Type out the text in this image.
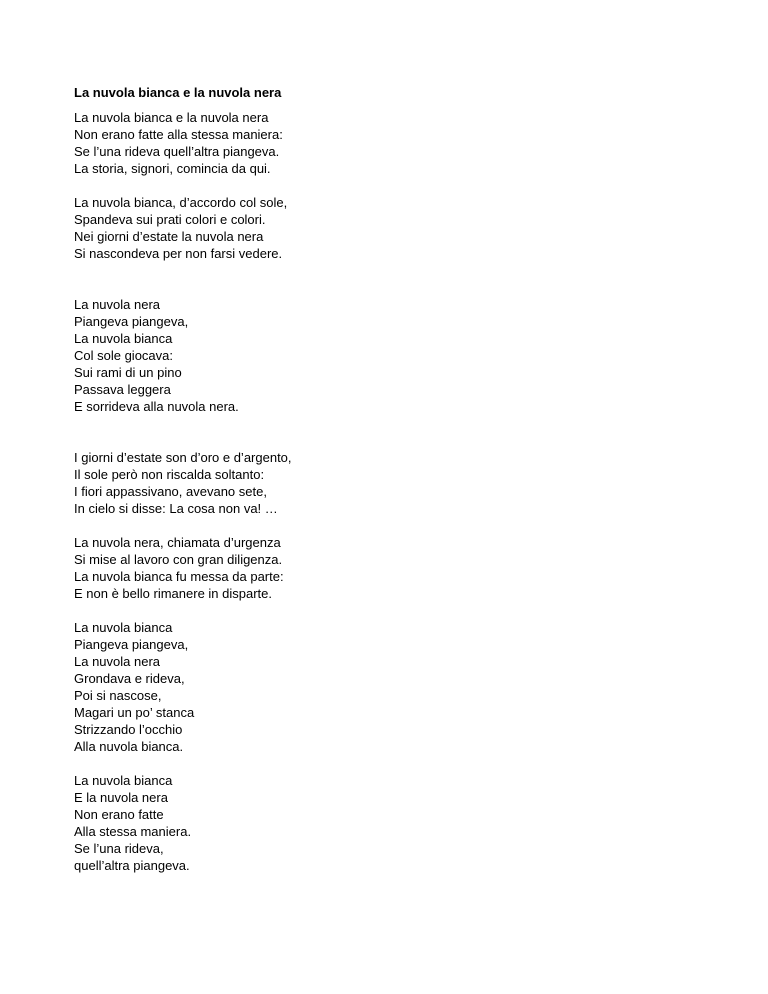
La nuvola bianca e la nuvola nera
La nuvola bianca e la nuvola nera
Non erano fatte alla stessa maniera:
Se l’una rideva quell’altra piangeva.
La storia, signori, comincia da qui.
La nuvola bianca, d’accordo col sole,
Spandeva sui prati colori e colori.
Nei giorni d’estate la nuvola nera
Si nascondeva per non farsi vedere.
La nuvola nera
Piangeva piangeva,
La nuvola bianca
Col sole giocava:
Sui rami di un pino
Passava leggera
E sorrideva alla nuvola nera.
I giorni d’estate son d’oro e d’argento,
Il sole però non riscalda soltanto:
I fiori appassivano, avevano sete,
In cielo si disse: La cosa non va! …
La nuvola nera, chiamata d’urgenza
Si mise al lavoro con gran diligenza.
La nuvola bianca fu messa da parte:
E non è bello rimanere in disparte.
La nuvola bianca
Piangeva piangeva,
La nuvola nera
Grondava e rideva,
Poi si nascose,
Magari un po’ stanca
Strizzando l’occhio
Alla nuvola bianca.
La nuvola bianca
E la nuvola nera
Non erano fatte
Alla stessa maniera.
Se l’una rideva,
quell’altra piangeva.
